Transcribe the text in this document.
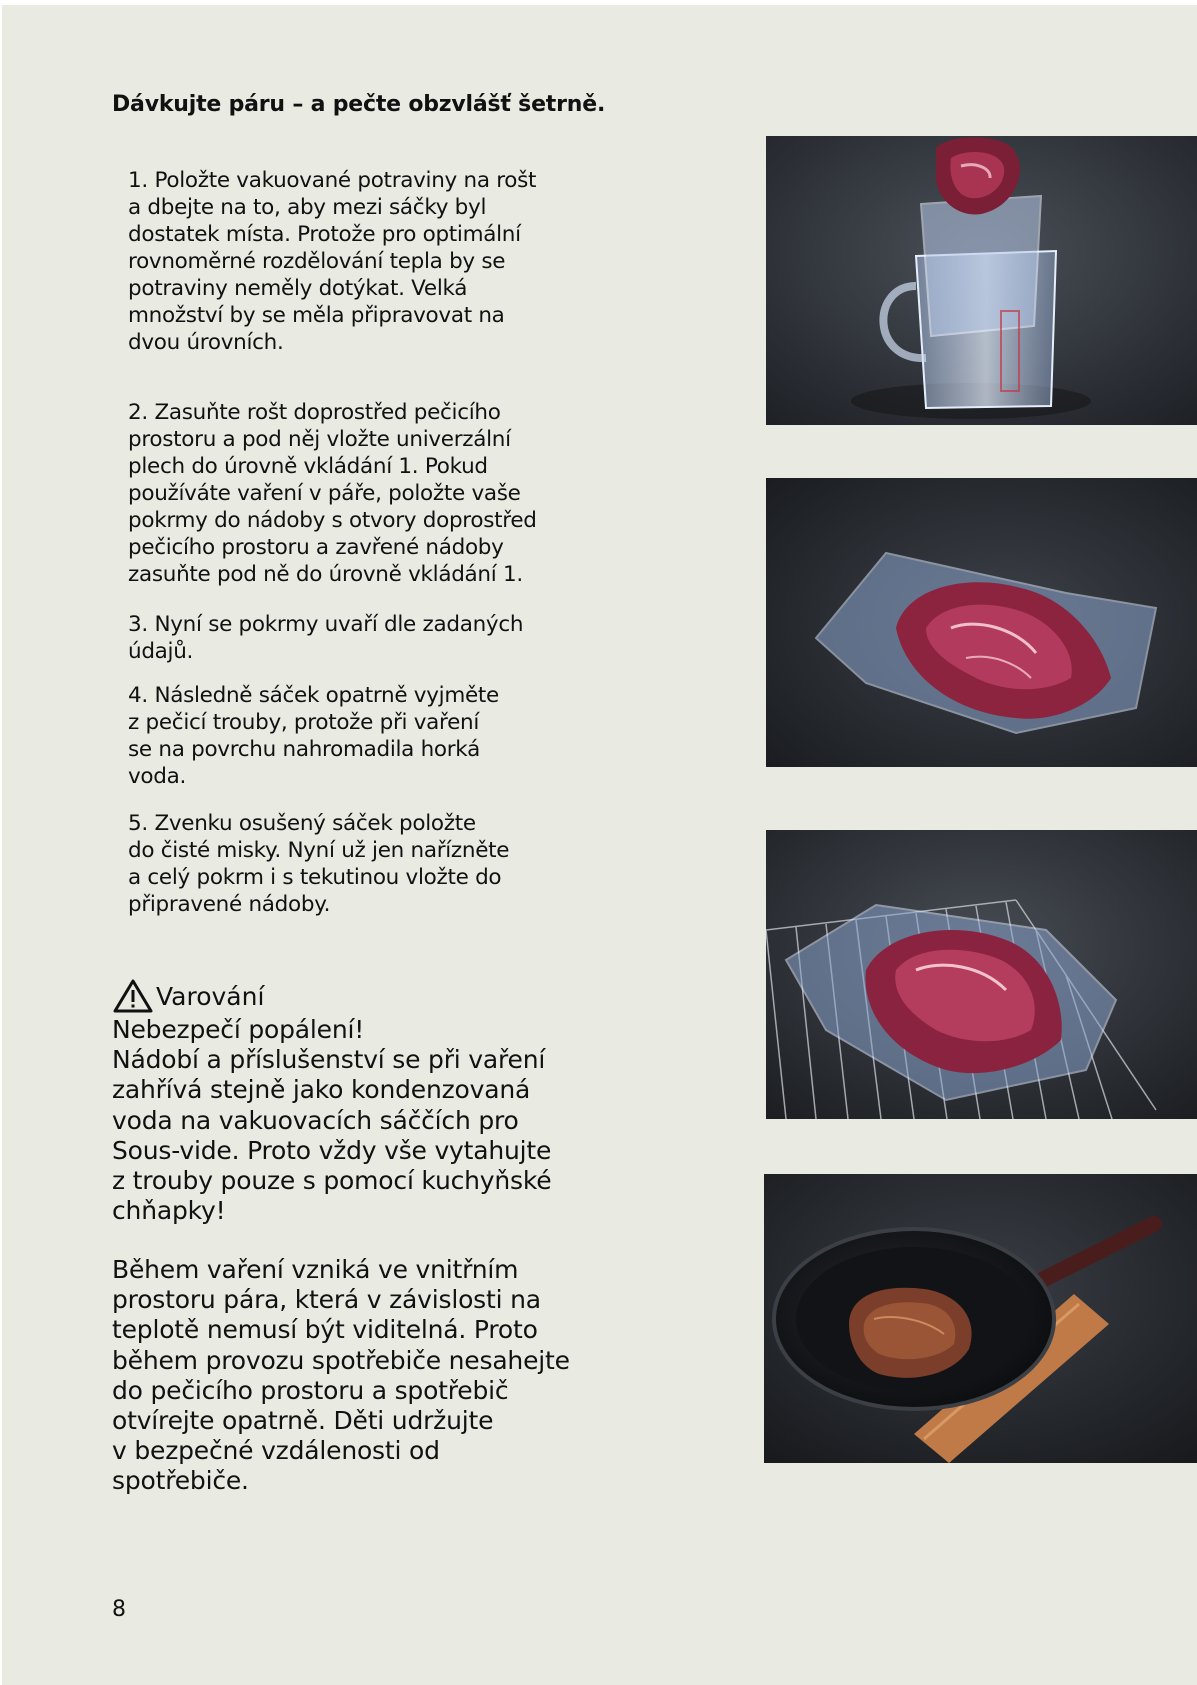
Dávkujte páru – a pečte obzvlášť šetrně.
1. Položte vakuované potraviny na rošt
a dbejte na to, aby mezi sáčky byl
dostatek místa. Protože pro optimální
rovnoměrné rozdělování tepla by se
potraviny neměly dotýkat. Velká
množství by se měla připravovat na
dvou úrovních.
2. Zasuňte rošt doprostřed pečicího
prostoru a pod něj vložte univerzální
plech do úrovně vkládání 1. Pokud
používáte vaření v páře, položte vaše
pokrmy do nádoby s otvory doprostřed
pečicího prostoru a zavřené nádoby
zasuňte pod ně do úrovně vkládání 1.
3. Nyní se pokrmy uvaří dle zadaných
údajů.
4. Následně sáček opatrně vyjměte
z pečicí trouby, protože při vaření
se na povrchu nahromadila horká
voda.
5. Zvenku osušený sáček položte
do čisté misky. Nyní už jen nařízněte
a celý pokrm i s tekutinou vložte do
připravené nádoby.
Varování
Nebezpečí popálení!
Nádobí a příslušenství se při vaření
zahřívá stejně jako kondenzovaná
voda na vakuovacích sáččích pro
Sous-vide. Proto vždy vše vytahujte
z trouby pouze s pomocí kuchyňské
chňapky!
Během vaření vzniká ve vnitřním
prostoru pára, která v závislosti na
teplotě nemusí být viditelná. Proto
během provozu spotřebiče nesahejte
do pečicího prostoru a spotřebič
otvírejte opatrně. Děti udržujte
v bezpečné vzdálenosti od
spotřebiče.
8
